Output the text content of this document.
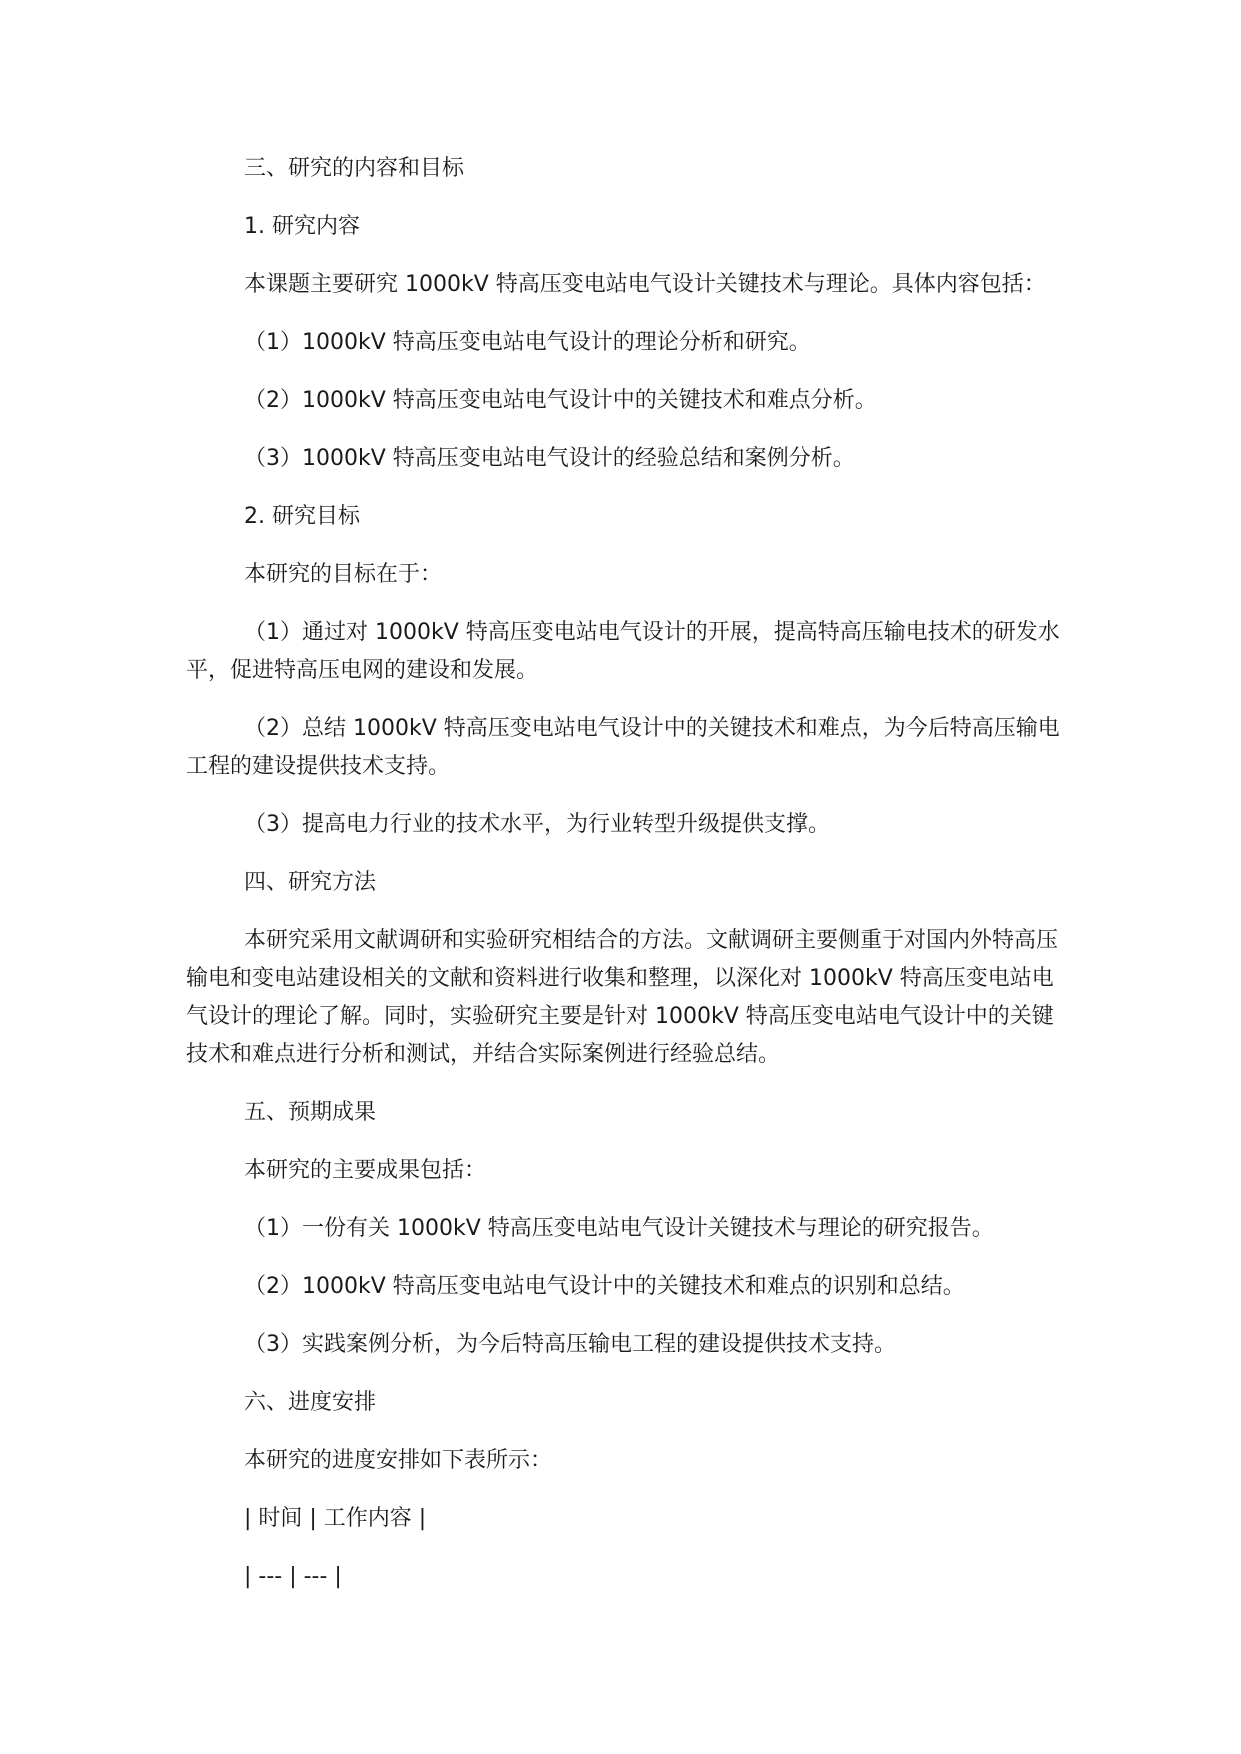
三、研究的内容和目标

1. 研究内容

本课题主要研究 1000kV 特高压变电站电气设计关键技术与理论。具体内容包括：

（1）1000kV 特高压变电站电气设计的理论分析和研究。

（2）1000kV 特高压变电站电气设计中的关键技术和难点分析。

（3）1000kV 特高压变电站电气设计的经验总结和案例分析。

2. 研究目标

本研究的目标在于：

（1）通过对 1000kV 特高压变电站电气设计的开展，提高特高压输电技术的研发水平，促进特高压电网的建设和发展。

（2）总结 1000kV 特高压变电站电气设计中的关键技术和难点，为今后特高压输电工程的建设提供技术支持。

（3）提高电力行业的技术水平，为行业转型升级提供支撑。

四、研究方法

本研究采用文献调研和实验研究相结合的方法。文献调研主要侧重于对国内外特高压输电和变电站建设相关的文献和资料进行收集和整理，以深化对 1000kV 特高压变电站电气设计的理论了解。同时，实验研究主要是针对 1000kV 特高压变电站电气设计中的关键技术和难点进行分析和测试，并结合实际案例进行经验总结。

五、预期成果

本研究的主要成果包括：

（1）一份有关 1000kV 特高压变电站电气设计关键技术与理论的研究报告。

（2）1000kV 特高压变电站电气设计中的关键技术和难点的识别和总结。

（3）实践案例分析，为今后特高压输电工程的建设提供技术支持。

六、进度安排

本研究的进度安排如下表所示：

| 时间 | 工作内容 |

| --- | --- |
